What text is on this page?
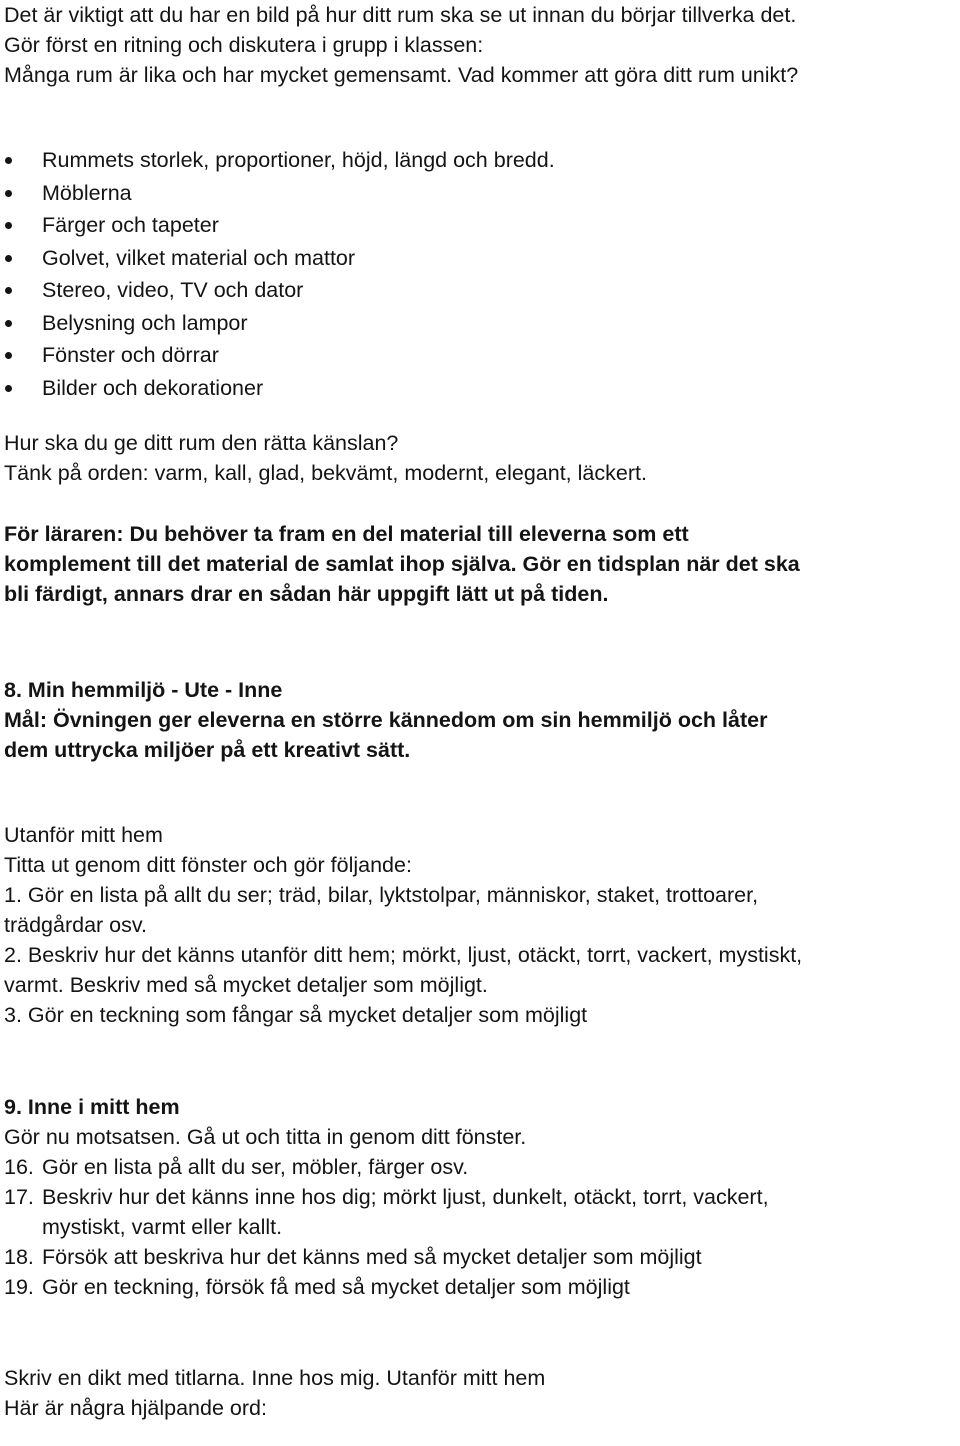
Det är viktigt att du har en bild på hur ditt rum ska se ut innan du börjar tillverka det.
Gör först en ritning och diskutera i grupp i klassen:
Många rum är lika och har mycket gemensamt. Vad kommer att göra ditt rum unikt?
Rummets storlek, proportioner, höjd, längd och bredd.
Möblerna
Färger och tapeter
Golvet, vilket material och mattor
Stereo, video, TV och dator
Belysning och lampor
Fönster och dörrar
Bilder och dekorationer
Hur ska du ge ditt rum den rätta känslan?
Tänk på orden: varm, kall, glad, bekvämt, modernt, elegant, läckert.
För läraren: Du behöver ta fram en del material till eleverna som ett
komplement till det material de samlat ihop själva. Gör en tidsplan när det ska
bli färdigt, annars drar en sådan här uppgift lätt ut på tiden.
8. Min hemmiljö - Ute - Inne
Mål: Övningen ger eleverna en större kännedom om sin hemmiljö och låter
dem uttrycka miljöer på ett kreativt sätt.
Utanför mitt hem
Titta ut genom ditt fönster och gör följande:
1. Gör en lista på allt du ser; träd, bilar, lyktstolpar, människor, staket, trottoarer,
trädgårdar osv.
2. Beskriv hur det känns utanför ditt hem; mörkt, ljust, otäckt, torrt, vackert, mystiskt,
varmt. Beskriv med så mycket detaljer som möjligt.
3. Gör en teckning som fångar så mycket detaljer som möjligt
9. Inne i mitt hem
Gör nu motsatsen. Gå ut och titta in genom ditt fönster.
16. Gör en lista på allt du ser, möbler, färger osv.
17. Beskriv hur det känns inne hos dig; mörkt ljust, dunkelt, otäckt, torrt, vackert,
mystiskt, varmt eller kallt.
18. Försök att beskriva hur det känns med så mycket detaljer som möjligt
19. Gör en teckning, försök få med så mycket detaljer som möjligt
Skriv en dikt med titlarna. Inne hos mig. Utanför mitt hem
Här är några hjälpande ord:
